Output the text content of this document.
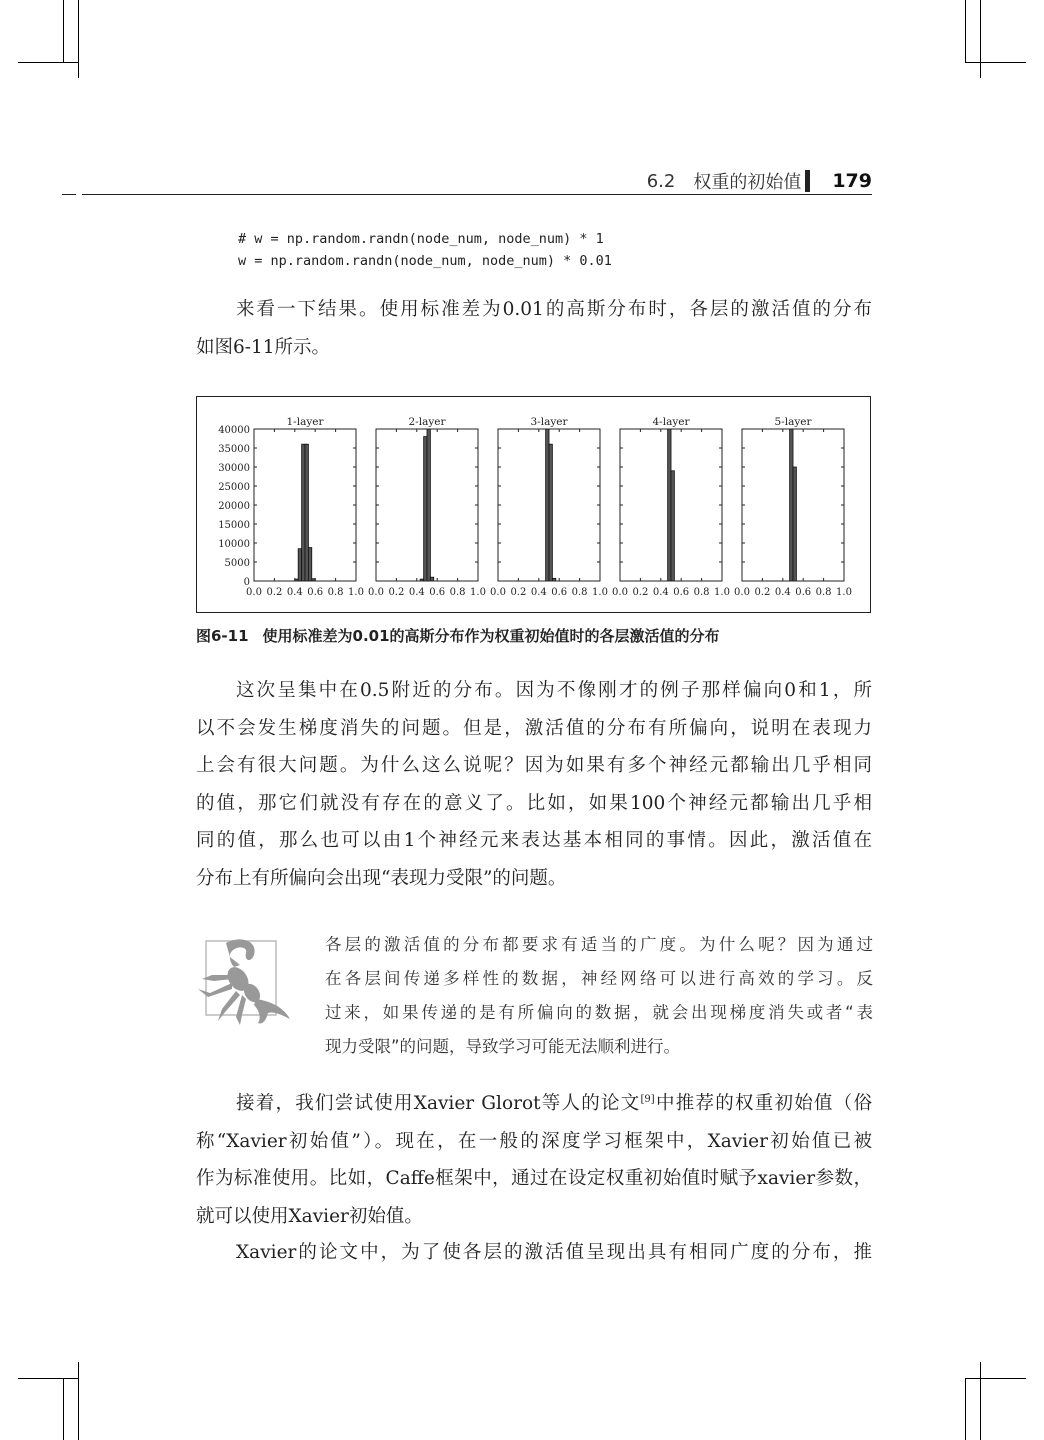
6.2 权重的初始值 179
# w = np.random.randn(node_num, node_num) * 1
w = np.random.randn(node_num, node_num) * 0.01
来看一下结果。使用标准差为0.01的高斯分布时，各层的激活值的分布
如图6-11所示。
0.0 0.2 0.4 0.6 0.8 1.0
0
5000
10000
15000
20000
25000
30000
35000
40000
1-layer
0.0 0.2 0.4 0.6 0.8 1.0
2-layer
0.0 0.2 0.4 0.6 0.8 1.0
3-layer
0.0 0.2 0.4 0.6 0.8 1.0
4-layer
0.0 0.2 0.4 0.6 0.8 1.0
5-layer
图6-11 使用标准差为0.01的高斯分布作为权重初始值时的各层激活值的分布
这次呈集中在0.5附近的分布。因为不像刚才的例子那样偏向0和1，所
以不会发生梯度消失的问题。但是，激活值的分布有所偏向，说明在表现力
上会有很大问题。为什么这么说呢？因为如果有多个神经元都输出几乎相同
的值，那它们就没有存在的意义了。比如，如果100个神经元都输出几乎相
同的值，那么也可以由1个神经元来表达基本相同的事情。因此，激活值在
分布上有所偏向会出现“表现力受限”的问题。
各层的激活值的分布都要求有适当的广度。为什么呢？因为通过
在各层间传递多样性的数据，神经网络可以进行高效的学习。反
过来，如果传递的是有所偏向的数据，就会出现梯度消失或者“表
现力受限”的问题，导致学习可能无法顺利进行。
接着，我们尝试使用Xavier Glorot等人的论文[9]中推荐的权重初始值（俗
称“Xavier初始值”）。现在，在一般的深度学习框架中，Xavier初始值已被
作为标准使用。比如，Caffe框架中，通过在设定权重初始值时赋予xavier参数，
就可以使用Xavier初始值。
Xavier的论文中，为了使各层的激活值呈现出具有相同广度的分布，推
